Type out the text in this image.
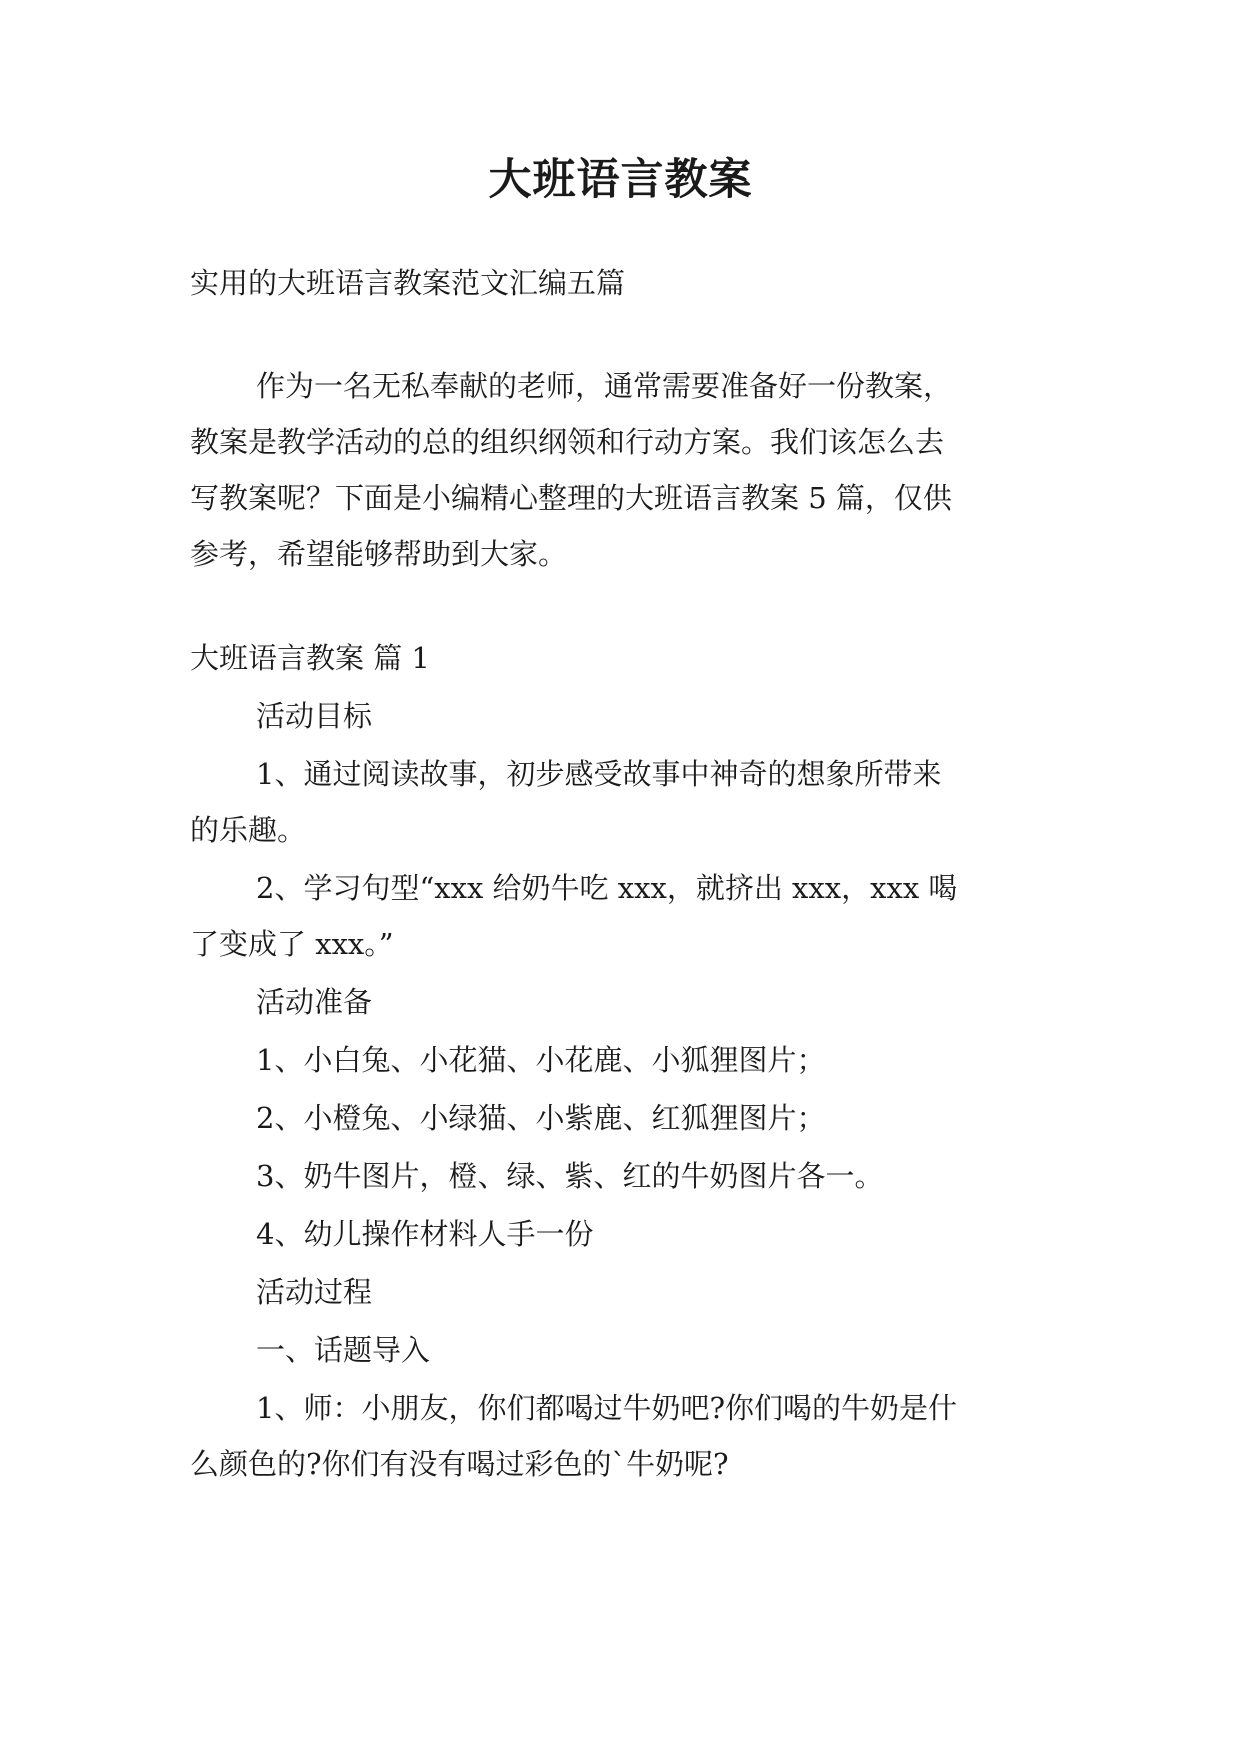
大班语言教案
实用的大班语言教案范文汇编五篇
作为一名无私奉献的老师，通常需要准备好一份教案，
教案是教学活动的总的组织纲领和行动方案。我们该怎么去
写教案呢？下面是小编精心整理的大班语言教案 5 篇，仅供
参考，希望能够帮助到大家。
大班语言教案 篇 1
活动目标
1、通过阅读故事，初步感受故事中神奇的想象所带来
的乐趣。
2、学习句型“xxx 给奶牛吃 xxx，就挤出 xxx，xxx 喝
了变成了 xxx。”
活动准备
1、小白兔、小花猫、小花鹿、小狐狸图片；
2、小橙兔、小绿猫、小紫鹿、红狐狸图片；
3、奶牛图片，橙、绿、紫、红的牛奶图片各一。
4、幼儿操作材料人手一份
活动过程
一、话题导入
1、师：小朋友，你们都喝过牛奶吧?你们喝的牛奶是什
么颜色的?你们有没有喝过彩色的`牛奶呢?
